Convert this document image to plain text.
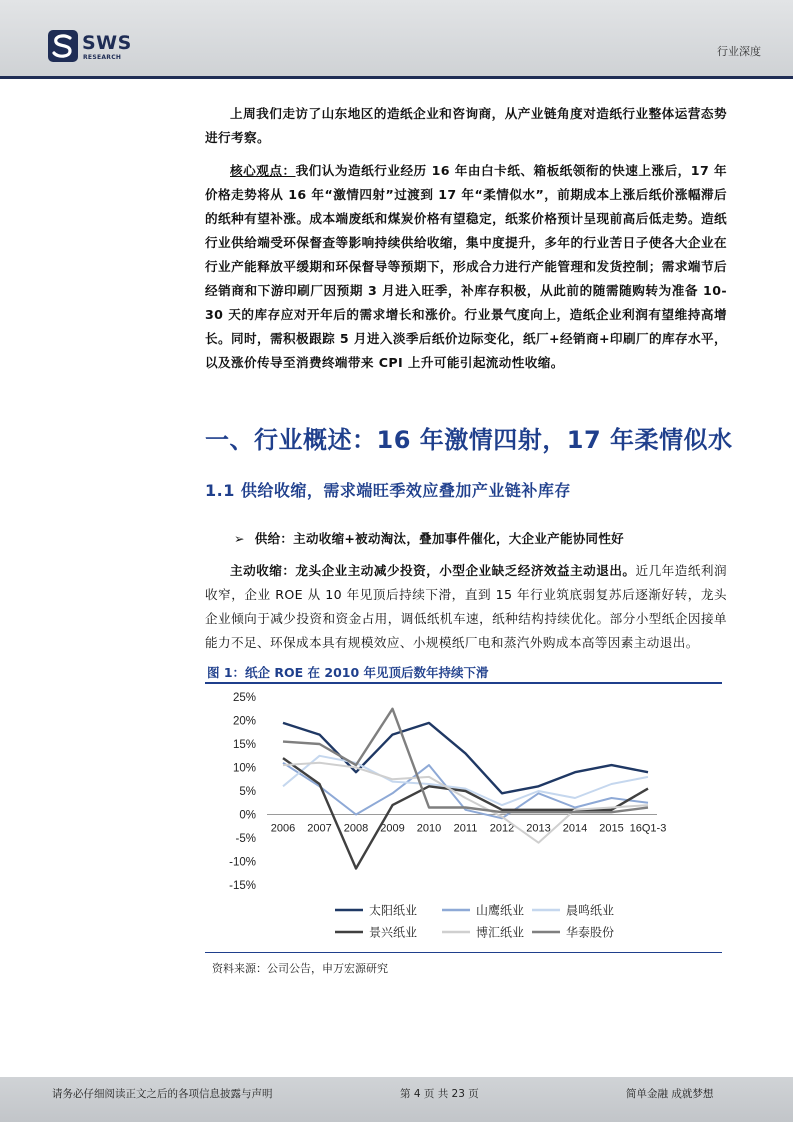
SWS
RESEARCH	行业深度
上周我们走访了山东地区的造纸企业和咨询商，从产业链角度对造纸行业整体运营态势进行考察。
核心观点：我们认为造纸行业经历 16 年由白卡纸、箱板纸领衔的快速上涨后，17 年价格走势将从 16 年“激情四射”过渡到 17 年“柔情似水”，前期成本上涨后纸价涨幅滞后的纸种有望补涨。成本端废纸和煤炭价格有望稳定，纸浆价格预计呈现前高后低走势。造纸行业供给端受环保督查等影响持续供给收缩，集中度提升，多年的行业苦日子使各大企业在行业产能释放平缓期和环保督导等预期下，形成合力进行产能管理和发货控制；需求端节后经销商和下游印刷厂因预期 3 月进入旺季，补库存积极，从此前的随需随购转为准备 10-30 天的库存应对开年后的需求增长和涨价。行业景气度向上，造纸企业利润有望维持高增长。同时，需积极跟踪 5 月进入淡季后纸价边际变化，纸厂+经销商+印刷厂的库存水平，以及涨价传导至消费终端带来 CPI 上升可能引起流动性收缩。
一、行业概述：16 年激情四射，17 年柔情似水
1.1 供给收缩，需求端旺季效应叠加产业链补库存
➢ 供给：主动收缩+被动淘汰，叠加事件催化，大企业产能协同性好
主动收缩：龙头企业主动减少投资，小型企业缺乏经济效益主动退出。近几年造纸利润收窄，企业 ROE 从 10 年见顶后持续下滑，直到 15 年行业筑底弱复苏后逐渐好转，龙头企业倾向于减少投资和资金占用，调低纸机车速，纸种结构持续优化。部分小型纸企因接单能力不足、环保成本具有规模效应、小规模纸厂电和蒸汽外购成本高等因素主动退出。
图 1：纸企 ROE 在 2010 年见顶后数年持续下滑
25%
20%
15%
10%
5%
0%
-5%
-10%
-15%
2006 2007 2008 2009 2010 2011 2012 2013 2014 2015 16Q1-3
太阳纸业	山鹰纸业	晨鸣纸业
景兴纸业	博汇纸业	华泰股份
资料来源：公司公告，申万宏源研究
请务必仔细阅读正文之后的各项信息披露与声明	第 4 页 共 23 页	简单金融 成就梦想
